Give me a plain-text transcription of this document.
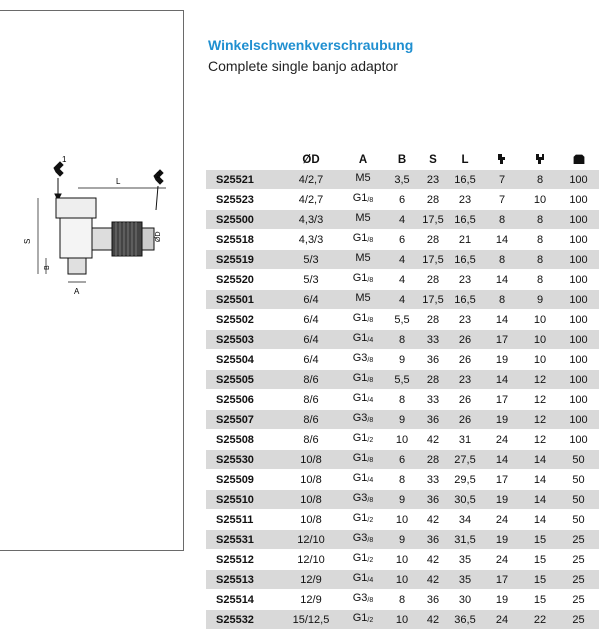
1
2
L
ØD
S
B
A
Winkelschwenkverschraubung
Complete single banjo adaptor
	ØD	A	B	S	L			
S25521	4/2,7	M5	3,5	23	16,5	7	8	100
S25523	4/2,7	$G1_{/8}$	6	28	23	7	10	100
S25500	4,3/3	M5	4	17,5	16,5	8	8	100
S25518	4,3/3	$G1_{/8}$	6	28	21	14	8	100
S25519	5/3	M5	4	17,5	16,5	8	8	100
S25520	5/3	$G1_{/8}$	4	28	23	14	8	100
S25501	6/4	M5	4	17,5	16,5	8	9	100
S25502	6/4	$G1_{/8}$	5,5	28	23	14	10	100
S25503	6/4	$G1_{/4}$	8	33	26	17	10	100
S25504	6/4	$G3_{/8}$	9	36	26	19	10	100
S25505	8/6	$G1_{/8}$	5,5	28	23	14	12	100
S25506	8/6	$G1_{/4}$	8	33	26	17	12	100
S25507	8/6	$G3_{/8}$	9	36	26	19	12	100
S25508	8/6	$G1_{/2}$	10	42	31	24	12	100
S25530	10/8	$G1_{/8}$	6	28	27,5	14	14	50
S25509	10/8	$G1_{/4}$	8	33	29,5	17	14	50
S25510	10/8	$G3_{/8}$	9	36	30,5	19	14	50
S25511	10/8	$G1_{/2}$	10	42	34	24	14	50
S25531	12/10	$G3_{/8}$	9	36	31,5	19	15	25
S25512	12/10	$G1_{/2}$	10	42	35	24	15	25
S25513	12/9	$G1_{/4}$	10	42	35	17	15	25
S25514	12/9	$G3_{/8}$	8	36	30	19	15	25
S25532	15/12,5	$G1_{/2}$	10	42	36,5	24	22	25
